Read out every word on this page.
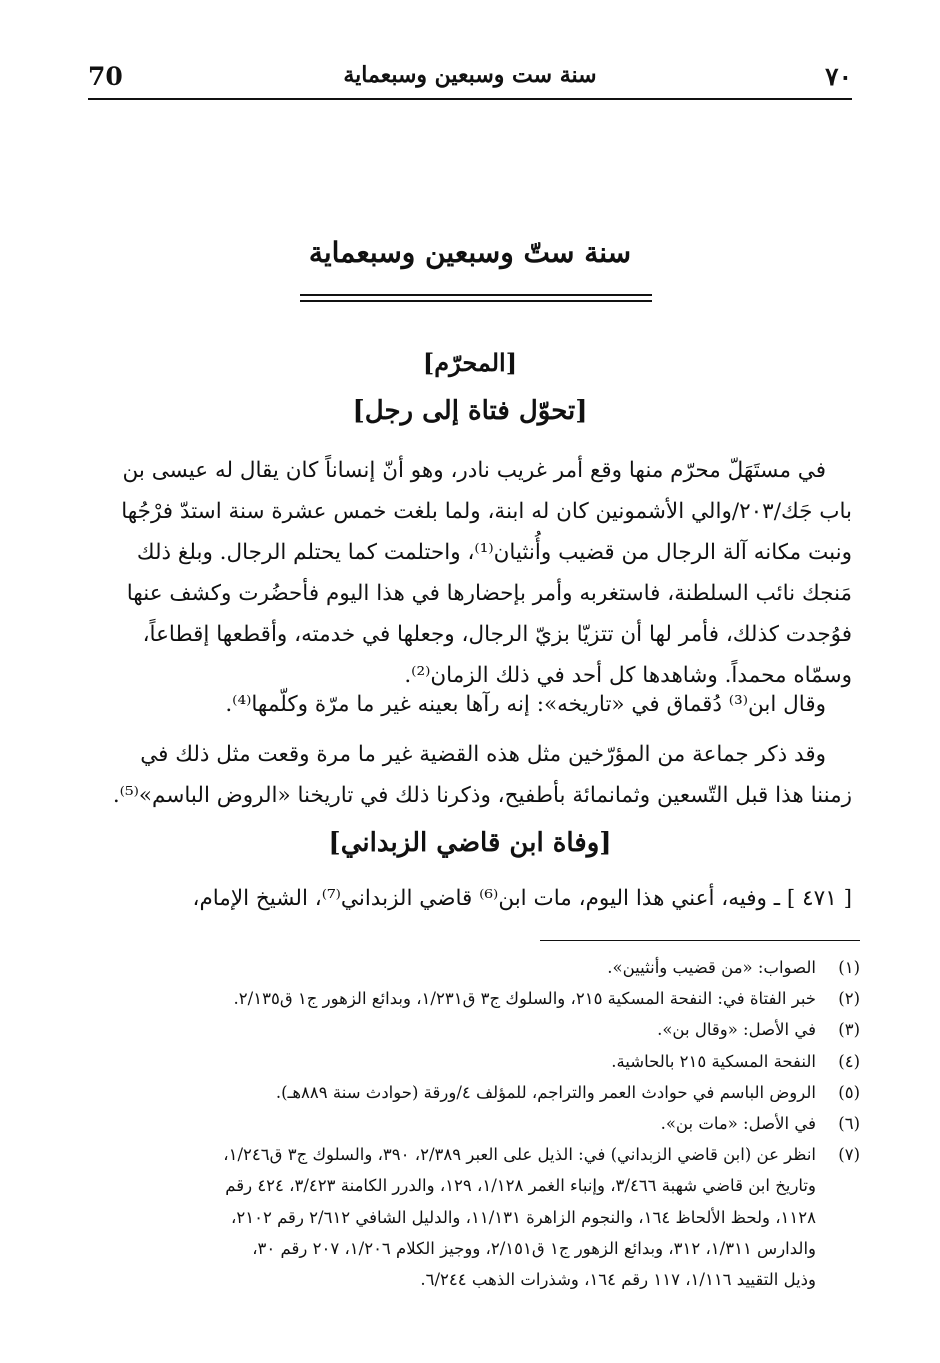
70	سنة ست وسبعين وسبعماية	٧٠
سنة ستّ وسبعين وسبعماية
[المحرّم]
[تحوّل فتاة إلى رجل]
في مستَهَلّ محرّم منها وقع أمر غريب نادر، وهو أنّ إنساناً كان يقال له عيسى بن
باب جَك/٢٠٣/والي الأشمونين كان له ابنة، ولما بلغت خمس عشرة سنة استدّ فرْجُها
ونبت مكانه آلة الرجال من قضيب وأُنثيان⁽¹⁾، واحتلمت كما يحتلم الرجال. وبلغ ذلك
مَنجك نائب السلطنة، فاستغربه وأمر بإحضارها في هذا اليوم فأحضُرت وكشف عنها
فوُجدت كذلك، فأمر لها أن تتزيّا بزيّ الرجال، وجعلها في خدمته، وأقطعها إقطاعاً،
وسمّاه محمداً. وشاهدها كل أحد في ذلك الزمان⁽²⁾.
وقال ابن⁽³⁾ دُقماق في «تاريخه»: إنه رآها بعينه غير ما مرّة وكلّمها⁽⁴⁾.
وقد ذكر جماعة من المؤرّخين مثل هذه القضية غير ما مرة وقعت مثل ذلك في
زمننا هذا قبل التّسعين وثمانمائة بأطفيح، وذكرنا ذلك في تاريخنا «الروض الباسم»⁽⁵⁾.
[وفاة ابن قاضي الزبداني]
[ ٤٧١ ] ـ وفيه، أعني هذا اليوم، مات ابن⁽⁶⁾ قاضي الزبداني⁽⁷⁾، الشيخ الإمام،
(١)الصواب: «من قضيب وأنثيين».
(٢)خبر الفتاة في: النفحة المسكية ٢١٥، والسلوك ج٣ ق١/٢٣١، وبدائع الزهور ج١ ق٢/١٣٥.
(٣)في الأصل: «وقال بن».
(٤)النفحة المسكية ٢١٥ بالحاشية.
(٥)الروض الباسم في حوادث العمر والتراجم، للمؤلف ٤/ورقة (حوادث سنة ٨٨٩هـ).
(٦)في الأصل: «مات بن».
(٧)انظر عن (ابن قاضي الزبداني) في: الذيل على العبر ٢/٣٨٩، ٣٩٠، والسلوك ج٣ ق١/٢٤٦،
وتاريخ ابن قاضي شهبة ٣/٤٦٦، وإنباء الغمر ١/١٢٨، ١٢٩، والدرر الكامنة ٣/٤٢٣، ٤٢٤ رقم
١١٢٨، ولحظ الألحاظ ١٦٤، والنجوم الزاهرة ١١/١٣١، والدليل الشافي ٢/٦١٢ رقم ٢١٠٢،
والدارس ١/٣١١، ٣١٢، وبدائع الزهور ج١ ق٢/١٥١، ووجيز الكلام ١/٢٠٦، ٢٠٧ رقم ٣٠،
وذيل التقييد ١/١١٦، ١١٧ رقم ١٦٤، وشذرات الذهب ٦/٢٤٤.
